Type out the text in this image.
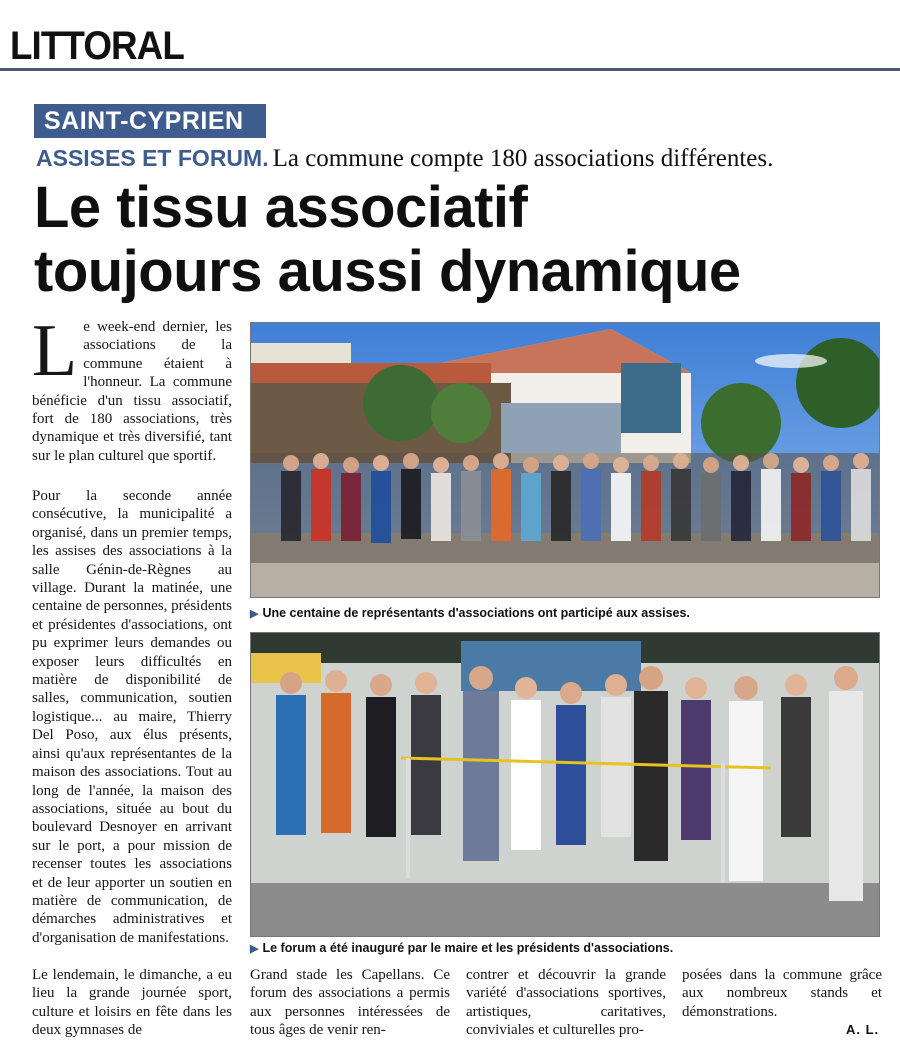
LITTORAL
SAINT-CYPRIEN
ASSISES ET FORUM. La commune compte 180 associations différentes.
Le tissu associatif
toujours aussi dynamique

Le week-end dernier, les associations de la commune étaient à l'honneur. La commune bénéficie d'un tissu associatif, fort de 180 associations, très dynamique et très diversifié, tant sur le plan culturel que sportif.

Pour la seconde année consécutive, la municipalité a organisé, dans un premier temps, les assises des associations à la salle Génin-de-Règnes au village. Durant la matinée, une centaine de personnes, présidents et présidentes d'associations, ont pu exprimer leurs demandes ou exposer leurs difficultés en matière de disponibilité de salles, communication, soutien logistique... au maire, Thierry Del Poso, aux élus présents, ainsi qu'aux représentantes de la maison des associations. Tout au long de l'année, la maison des associations, située au bout du boulevard Desnoyer en arrivant sur le port, a pour mission de recenser toutes les associations et de leur apporter un soutien en matière de communication, de démarches administratives et d'organisation de manifestations.

Le lendemain, le dimanche, a eu lieu la grande journée sport, culture et loisirs en fête dans les deux gymnases de

Grand stade les Capellans. Ce forum des associations a permis aux personnes intéressées de tous âges de venir ren-

contrer et découvrir la grande variété d'associations sportives, artistiques, caritatives, conviviales et culturelles pro-

posées dans la commune grâce aux nombreux stands et démonstrations.

▶ Une centaine de représentants d'associations ont participé aux assises.

▶ Le forum a été inauguré par le maire et les présidents d'associations.

A. L.
